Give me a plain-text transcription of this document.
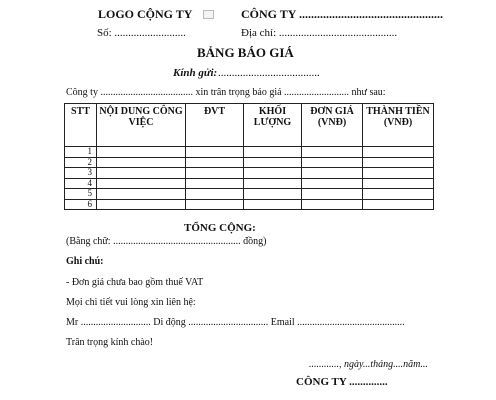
LOGO CỘNG TY	CÔNG TY ................................................
Số: ..........................	Địa chỉ: ...........................................
BẢNG BÁO GIÁ
Kính gửi: .....................................
Công ty ..................................... xin trân trọng báo giá .......................... như sau:
STT	NỘI DUNG CÔNG VIỆC	ĐVT	KHỐI LƯỢNG	ĐƠN GIÁ (VNĐ)	THÀNH TIỀN (VNĐ)
1					
2					
3					
4					
5					
6					
TỔNG CỘNG:
(Bằng chữ: ................................................... đồng)
Ghi chú:
- Đơn giá chưa bao gồm thuế VAT
Mọi chi tiết vui lòng xin liên hệ:
Mr ............................ Di động ................................ Email ...........................................
Trân trọng kính chào!
............, ngày...tháng....năm...
CÔNG TY ..............
